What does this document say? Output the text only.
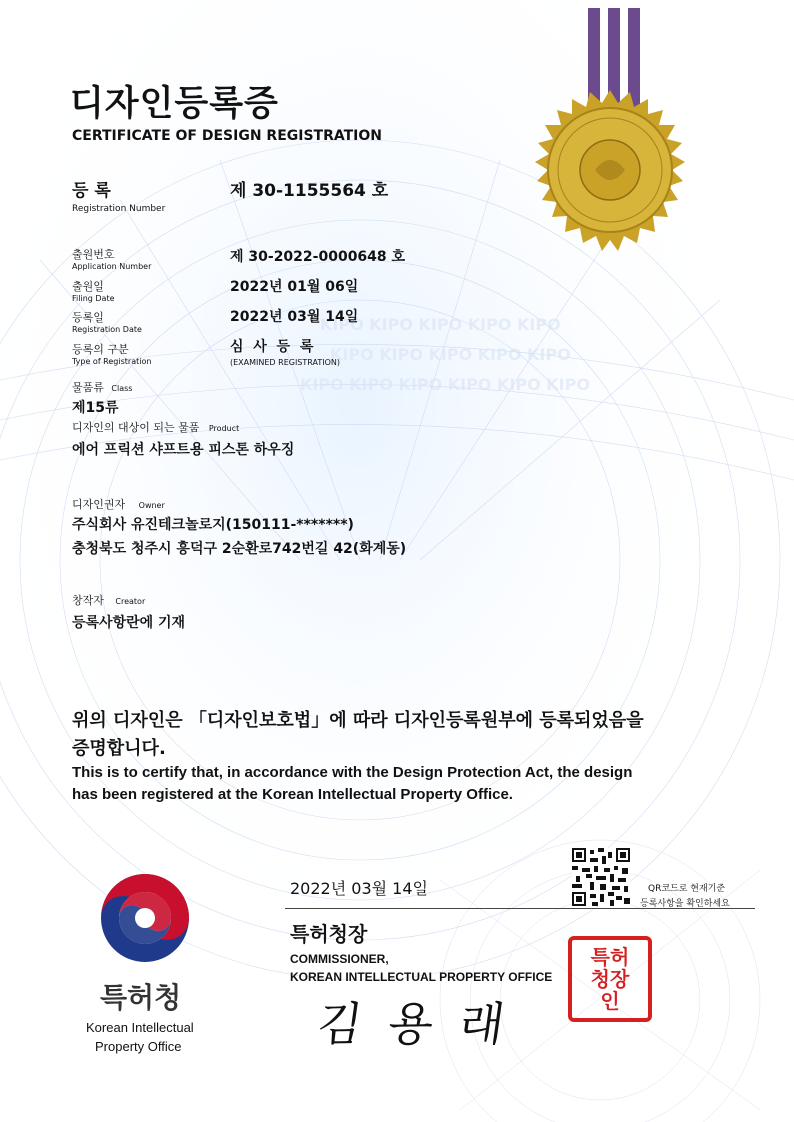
KIPO KIPO KIPO KIPO KIPO
KIPO KIPO KIPO KIPO KIPO
KIPO KIPO KIPO KIPO KIPO KIPO
디자인등록증
CERTIFICATE OF DESIGN REGISTRATION
등 록
Registration Number
제 30-1155564 호
출원번호
Application Number
제 30-2022-0000648 호
출원일
Filing Date
2022년 01월 06일
등록일
Registration Date
2022년 03월 14일
등록의 구분
Type of Registration
심  사  등  록
(EXAMINED REGISTRATION)
물품류 Class
제15류
디자인의 대상이 되는 물품 Product
에어 프릭션 샤프트용 피스톤 하우징
디자인권자 Owner
주식회사 유진테크놀로지(150111-*******)
충청북도 청주시 흥덕구 2순환로742번길 42(화계동)
창작자 Creator
등록사항란에 기재
위의 디자인은 「디자인보호법」에 따라 디자인등록원부에 등록되었음을
증명합니다.
This is to certify that, in accordance with the Design Protection Act, the design
has been registered at the Korean Intellectual Property Office.
2022년 03월 14일	QR코드로 현재기준
등록사항을 확인하세요
특허청
Korean Intellectual
Property Office
특허청장
COMMISSIONER,
KOREAN INTELLECTUAL PROPERTY OFFICE
김 용 래
특허청장인
